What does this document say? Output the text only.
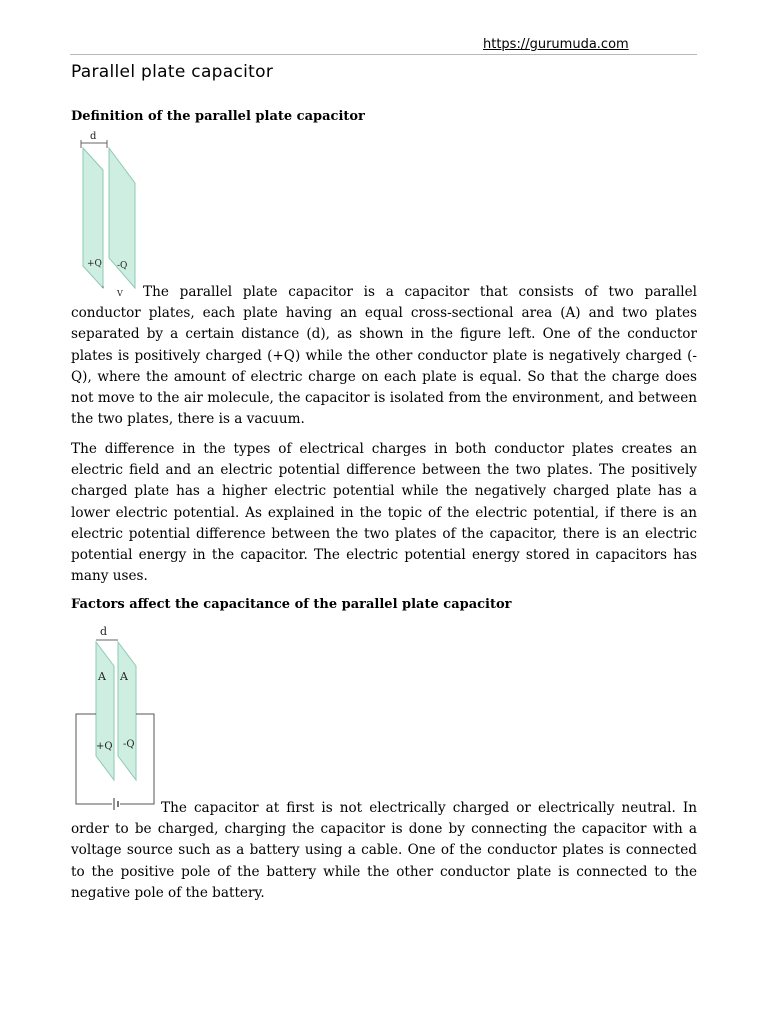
https://gurumuda.com
Parallel plate capacitor
Definition of the parallel plate capacitor
d
+Q -Q
V	The parallel plate capacitor is a capacitor that consists of two parallel conductor plates, each plate having an equal cross-sectional area (A) and two plates separated by a certain distance (d), as shown in the figure left. One of the conductor plates is positively charged (+Q) while the other conductor plate is negatively charged (-Q), where the amount of electric charge on each plate is equal. So that the charge does not move to the air molecule, the capacitor is isolated from the environment, and between the two plates, there is a vacuum.

The difference in the types of electrical charges in both conductor plates creates an electric field and an electric potential difference between the two plates. The positively charged plate has a higher electric potential while the negatively charged plate has a lower electric potential. As explained in the topic of the electric potential, if there is an electric potential difference between the two plates of the capacitor, there is an electric potential energy in the capacitor. The electric potential energy stored in capacitors has many uses.

Factors affect the capacitance of the parallel plate capacitor
d
A A
+Q -Q

The capacitor at first is not electrically charged or electrically neutral. In order to be charged, charging the capacitor is done by connecting the capacitor with a voltage source such as a battery using a cable. One of the conductor plates is connected to the positive pole of the battery while the other conductor plate is connected to the negative pole of the battery.
